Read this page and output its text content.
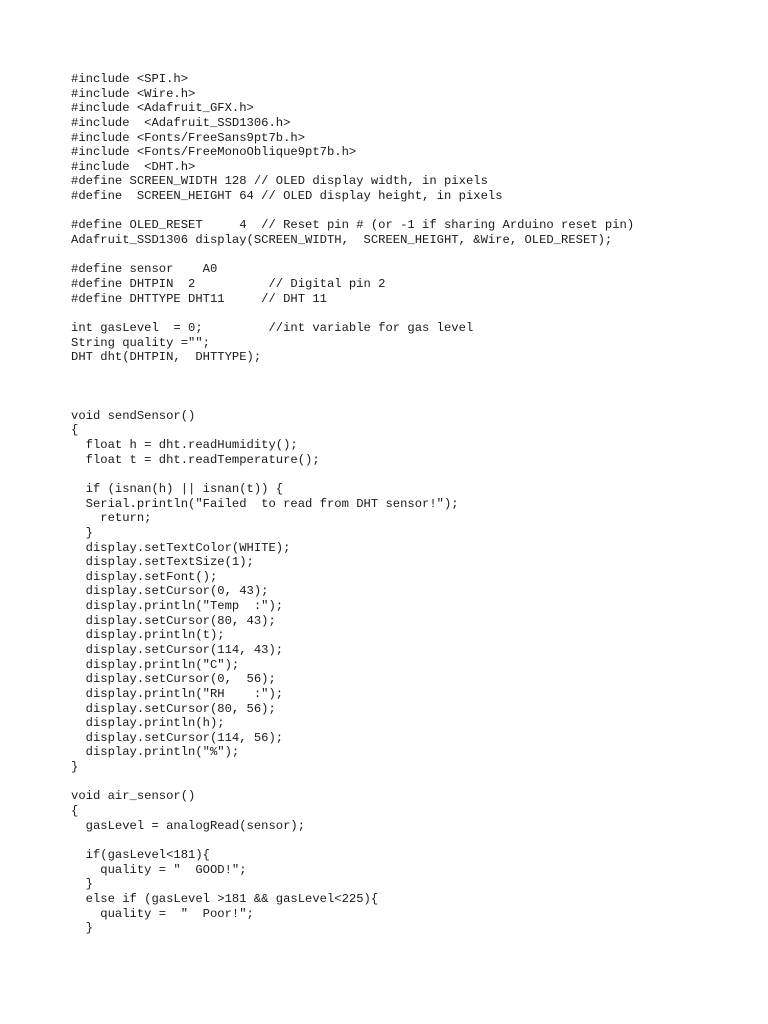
#include <SPI.h>
#include <Wire.h>
#include <Adafruit_GFX.h>
#include  <Adafruit_SSD1306.h>
#include <Fonts/FreeSans9pt7b.h>
#include <Fonts/FreeMonoOblique9pt7b.h>
#include  <DHT.h>
#define SCREEN_WIDTH 128 // OLED display width, in pixels
#define  SCREEN_HEIGHT 64 // OLED display height, in pixels
#define OLED_RESET     4  // Reset pin # (or -1 if sharing Arduino reset pin)
Adafruit_SSD1306 display(SCREEN_WIDTH,  SCREEN_HEIGHT, &Wire, OLED_RESET);
#define sensor    A0
#define DHTPIN  2          // Digital pin 2
#define DHTTYPE DHT11     // DHT 11
int gasLevel  = 0;         //int variable for gas level
String quality ="";
DHT dht(DHTPIN,  DHTTYPE);
void sendSensor()
{
float h = dht.readHumidity();
float t = dht.readTemperature();
if (isnan(h) || isnan(t)) {
Serial.println("Failed  to read from DHT sensor!");
return;
}
display.setTextColor(WHITE);
display.setTextSize(1);
display.setFont();
display.setCursor(0, 43);
display.println("Temp  :");
display.setCursor(80, 43);
display.println(t);
display.setCursor(114, 43);
display.println("C");
display.setCursor(0,  56);
display.println("RH    :");
display.setCursor(80, 56);
display.println(h);
display.setCursor(114, 56);
display.println("%");
}
void air_sensor()
{
gasLevel = analogRead(sensor);
if(gasLevel<181){
quality = "  GOOD!";
}
else if (gasLevel >181 && gasLevel<225){
quality =  "  Poor!";
}
